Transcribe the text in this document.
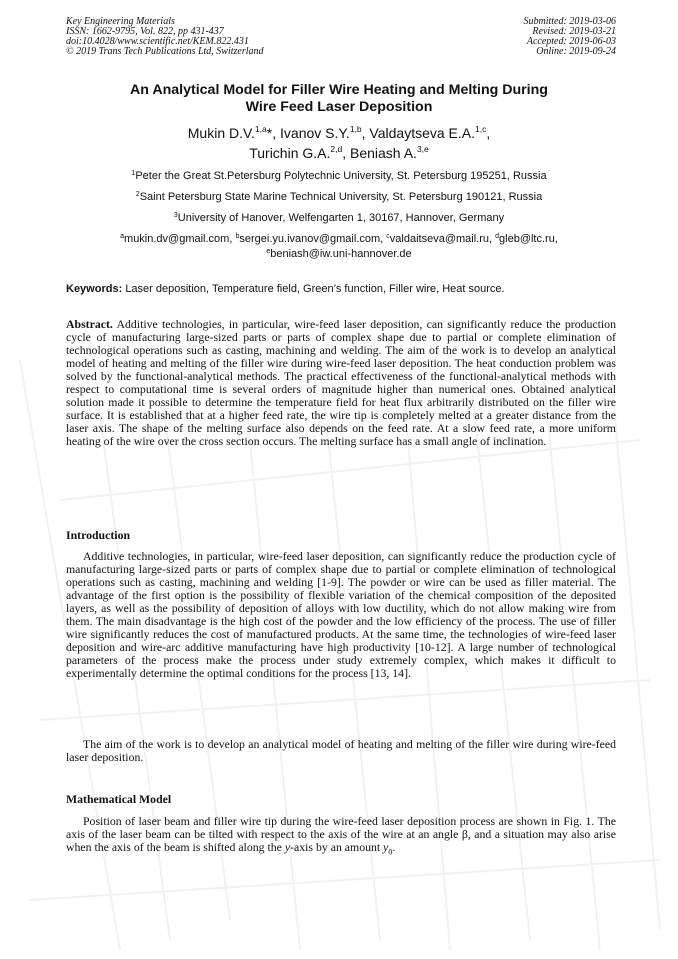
Key Engineering Materials
ISSN: 1662-9795, Vol. 822, pp 431-437
doi:10.4028/www.scientific.net/KEM.822.431
© 2019 Trans Tech Publications Ltd, Switzerland
Submitted: 2019-03-06
Revised: 2019-03-21
Accepted: 2019-06-03
Online: 2019-09-24
An Analytical Model for Filler Wire Heating and Melting During
Wire Feed Laser Deposition
Mukin D.V.$^{1,a}$*, Ivanov S.Y.$^{1,b}$, Valdaytseva E.A.$^{1,c}$,
Turichin G.A.$^{2,d}$, Beniash A.$^{3,e}$
$^1$Peter the Great St.Petersburg Polytechnic University, St. Petersburg 195251, Russia
$^2$Saint Petersburg State Marine Technical University, St. Petersburg 190121, Russia
$^3$University of Hanover, Welfengarten 1, 30167, Hannover, Germany
$^a$mukin.dv@gmail.com, $^b$sergei.yu.ivanov@gmail.com, $^c$valdaitseva@mail.ru, $^d$gleb@ltc.ru,
$^e$beniash@iw.uni-hannover.de
Keywords: Laser deposition, Temperature field, Green’s function, Filler wire, Heat source.
Abstract. Additive technologies, in particular, wire-feed laser deposition, can significantly reduce the production cycle of manufacturing large-sized parts or parts of complex shape due to partial or complete elimination of technological operations such as casting, machining and welding. The aim of the work is to develop an analytical model of heating and melting of the filler wire during wire-feed laser deposition. The heat conduction problem was solved by the functional-analytical methods. The practical effectiveness of the functional-analytical methods with respect to computational time is several orders of magnitude higher than numerical ones. Obtained analytical solution made it possible to determine the temperature field for heat flux arbitrarily distributed on the filler wire surface. It is established that at a higher feed rate, the wire tip is completely melted at a greater distance from the laser axis. The shape of the melting surface also depends on the feed rate. At a slow feed rate, a more uniform heating of the wire over the cross section occurs. The melting surface has a small angle of inclination.
Introduction
Additive technologies, in particular, wire-feed laser deposition, can significantly reduce the production cycle of manufacturing large-sized parts or parts of complex shape due to partial or complete elimination of technological operations such as casting, machining and welding [1-9]. The powder or wire can be used as filler material. The advantage of the first option is the possibility of flexible variation of the chemical composition of the deposited layers, as well as the possibility of deposition of alloys with low ductility, which do not allow making wire from them. The main disadvantage is the high cost of the powder and the low efficiency of the process. The use of filler wire significantly reduces the cost of manufactured products. At the same time, the technologies of wire-feed laser deposition and wire-arc additive manufacturing have high productivity [10-12]. A large number of technological parameters of the process make the process under study extremely complex, which makes it difficult to experimentally determine the optimal conditions for the process [13, 14].
The aim of the work is to develop an analytical model of heating and melting of the filler wire during wire-feed laser deposition.
Mathematical Model
Position of laser beam and filler wire tip during the wire-feed laser deposition process are shown in Fig. 1. The axis of the laser beam can be tilted with respect to the axis of the wire at an angle β, and a situation may also arise when the axis of the beam is shifted along the y-axis by an amount $y_0$.
